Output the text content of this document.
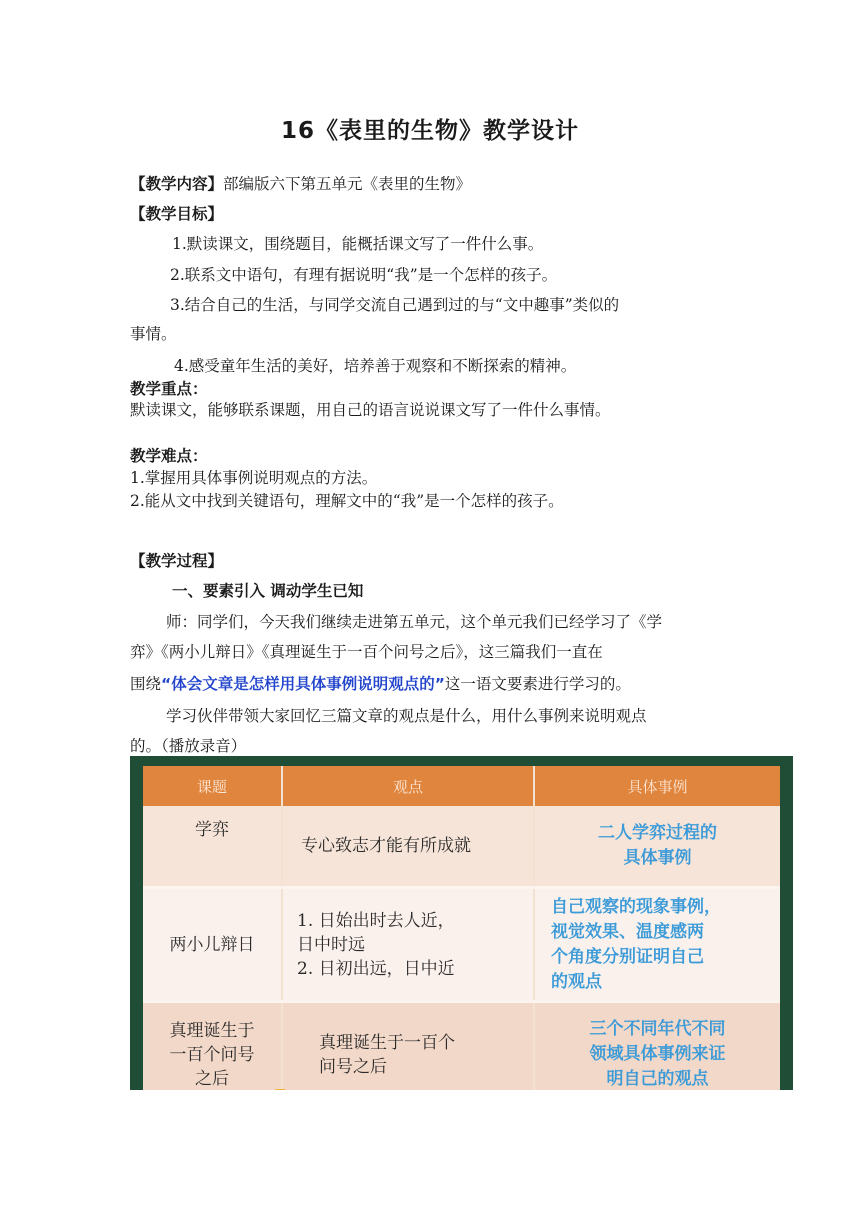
16《表里的生物》教学设计
【教学内容】部编版六下第五单元《表里的生物》
【教学目标】
1.默读课文，围绕题目，能概括课文写了一件什么事。
2.联系文中语句，有理有据说明“我”是一个怎样的孩子。
3.结合自己的生活，与同学交流自己遇到过的与“文中趣事”类似的
事情。
4.感受童年生活的美好，培养善于观察和不断探索的精神。
教学重点：
默读课文，能够联系课题，用自己的语言说说课文写了一件什么事情。
教学难点：
1.掌握用具体事例说明观点的方法。
2.能从文中找到关键语句，理解文中的“我”是一个怎样的孩子。
【教学过程】
一、要素引入 调动学生已知
师：同学们，今天我们继续走进第五单元，这个单元我们已经学习了《学
弈》《两小儿辩日》《真理诞生于一百个问号之后》，这三篇我们一直在
围绕“体会文章是怎样用具体事例说明观点的”这一语文要素进行学习的。
学习伙伴带领大家回忆三篇文章的观点是什么，用什么事例来说明观点
的。（播放录音）
课题	观点	具体事例
学弈
专心致志才能有所成就
二人学弈过程的
具体事例
两小儿辩日
1. 日始出时去人近，
日中时远
2. 日初出远，日中近
自己观察的现象事例，
视觉效果、温度感两
个角度分别证明自己
的观点
真理诞生于
一百个问号
之后
真理诞生于一百个
问号之后
三个不同年代不同
领域具体事例来证
明自己的观点
